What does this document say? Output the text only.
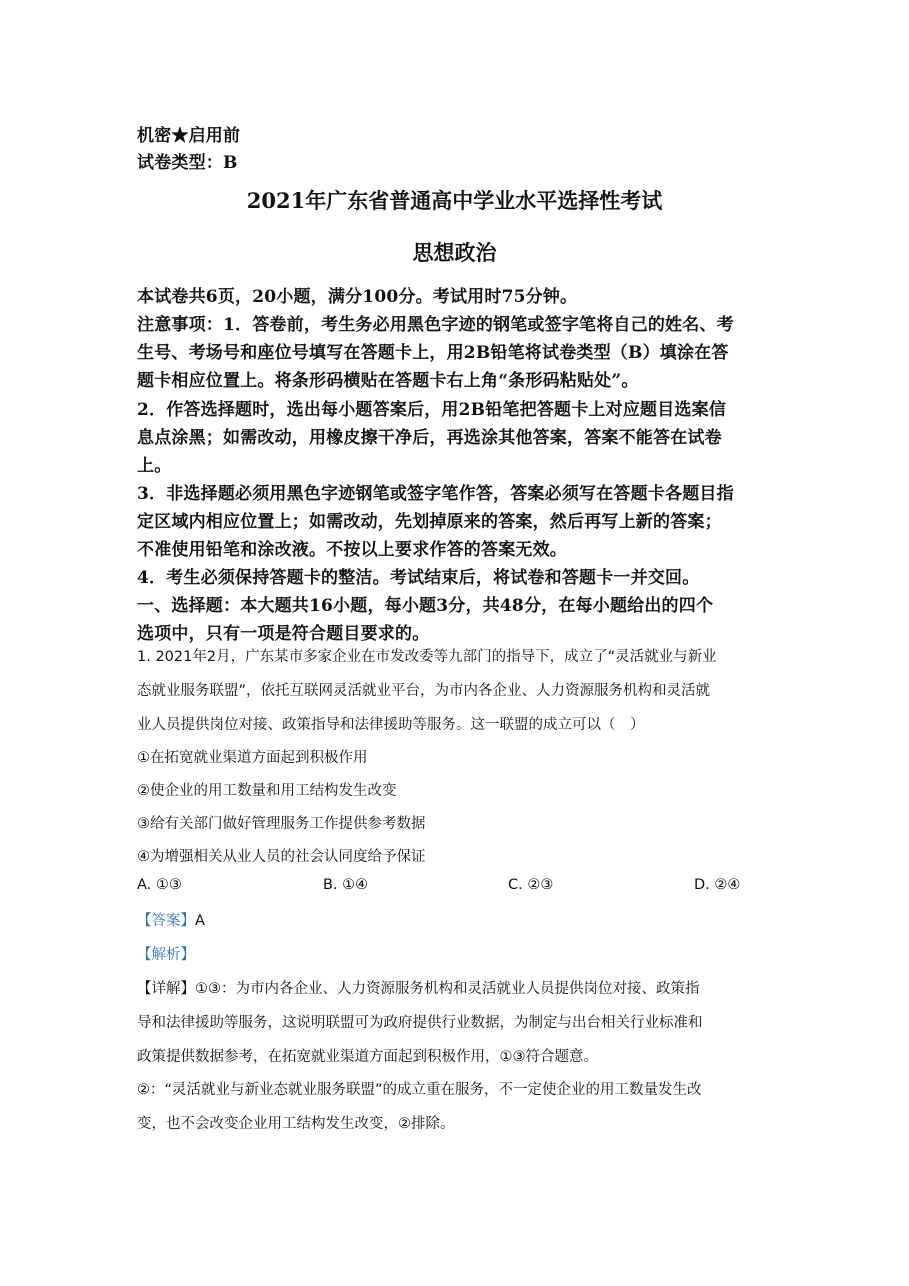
机密★启用前
试卷类型：B
2021年广东省普通高中学业水平选择性考试
思想政治
本试卷共6页，20小题，满分100分。考试用时75分钟。
注意事项：1．答卷前，考生务必用黑色字迹的钢笔或签字笔将自己的姓名、考
生号、考场号和座位号填写在答题卡上，用2B铅笔将试卷类型（B）填涂在答
题卡相应位置上。将条形码横贴在答题卡右上角“条形码粘贴处”。
2．作答选择题时，选出每小题答案后，用2B铅笔把答题卡上对应题目选案信
息点涂黑；如需改动，用橡皮擦干净后，再选涂其他答案，答案不能答在试卷
上。
3．非选择题必须用黑色字迹钢笔或签字笔作答，答案必须写在答题卡各题目指
定区域内相应位置上；如需改动，先划掉原来的答案，然后再写上新的答案；
不准使用铅笔和涂改液。不按以上要求作答的答案无效。
4．考生必须保持答题卡的整洁。考试结束后，将试卷和答题卡一并交回。
一、选择题：本大题共16小题，每小题3分，共48分，在每小题给出的四个
选项中，只有一项是符合题目要求的。
1. 2021年2月，广东某市多家企业在市发改委等九部门的指导下，成立了“灵活就业与新业
态就业服务联盟”，依托互联网灵活就业平台，为市内各企业、人力资源服务机构和灵活就
业人员提供岗位对接、政策指导和法律援助等服务。这一联盟的成立可以（　）
①在拓宽就业渠道方面起到积极作用
②使企业的用工数量和用工结构发生改变
③给有关部门做好管理服务工作提供参考数据
④为增强相关从业人员的社会认同度给予保证
A. ①③	B. ①④	C. ②③	D. ②④
【答案】A
【解析】
【详解】①③：为市内各企业、人力资源服务机构和灵活就业人员提供岗位对接、政策指
导和法律援助等服务，这说明联盟可为政府提供行业数据，为制定与出台相关行业标准和
政策提供数据参考，在拓宽就业渠道方面起到积极作用，①③符合题意。
②：“灵活就业与新业态就业服务联盟”的成立重在服务，不一定使企业的用工数量发生改
变，也不会改变企业用工结构发生改变，②排除。
